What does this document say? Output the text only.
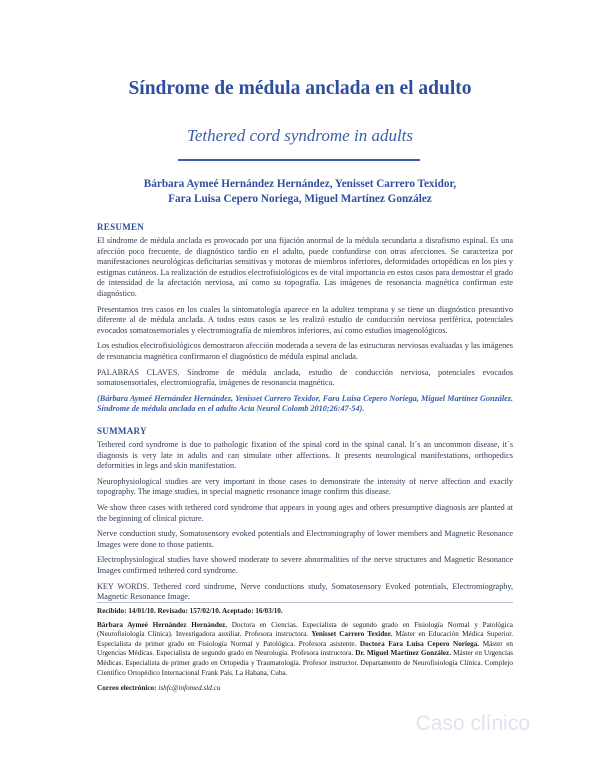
Síndrome de médula anclada en el adulto
Tethered cord syndrome in adults
Bárbara Aymeé Hernández Hernández, Yenisset Carrero Texidor,
Fara Luisa Cepero Noriega, Miguel Martínez González
RESUMEN

El síndrome de médula anclada es provocado por una fijación anormal de la médula secundaria a disrafismo espinal. Es una afección poco frecuente, de diagnóstico tardío en el adulto, puede confundirse con otras afecciones. Se caracteriza por manifestaciones neurológicas deficitarias sensitivas y motoras de miembros inferiores, deformidades ortopédicas en los pies y estigmas cutáneos. La realización de estudios electrofisiológicos es de vital importancia en estos casos para demostrar el grado de intensidad de la afectación nerviosa, así como su topografía. Las imágenes de resonancia magnética confirman este diagnóstico.

Presentamos tres casos en los cuales la sintomatología aparece en la adultez temprana y se tiene un diagnóstico presuntivo diferente al de médula anclada. A todos estos casos se les realizó estudio de conducción nerviosa periférica, potenciales evocados somatosensoriales y electromiografía de miembros inferiores, así como estudios imagenológicos.

Los estudios electrofisiológicos demostraron afección moderada a severa de las estructuras nerviosas evaluadas y las imágenes de resonancia magnética confirmaron el diagnóstico de médula espinal anclada.

PALABRAS CLAVES. Síndrome de médula anclada, estudio de conducción nerviosa, potenciales evocados somatosensoriales, electromiografía, imágenes de resonancia magnética.

(Bárbara Aymeé Hernández Hernández, Yenisset Carrero Texidor, Fara Luisa Cepero Noriega, Miguel Martínez González. Síndrome de médula anclada en el adulto Acta Neurol Colomb 2010;26:47-54).

SUMMARY

Tethered cord syndrome is due to pathologic fixation of the spinal cord in the spinal canal. It´s an uncommon disease, it´s diagnosis is very late in adults and can simulate other affections. It presents neurological manifestations, orthopedics deformities in legs and skin manifestation.

Neurophysiological studies are very important in those cases to demonstrate the intensity of nerve affection and exactly topography. The image studies, in special magnetic resonance image confirm this disease.

We show three cases with tethered cord syndrome that appears in young ages and others presumptive diagnosis are planted at the beginning of clinical picture.

Nerve conduction study, Somatosensory evoked potentials and Electromiography of lower members and Magnetic Resonance Images were done to those patients.

Electrophysiological studies have showed moderate to severe abnormalities of the nerve structures and Magnetic Resonance Images confirmed tethered cord syndrome.

KEY WORDS. Tethered cord sindrome, Nerve conductions study, Somatosensory Evoked potentials, Electromiography, Magnetic Resonance Image.

Recibido: 14/01/10. Revisado: 157/02/10. Aceptado: 16/03/10.

Bárbara Aymeé Hernández Hernández. Doctora en Ciencias. Especialista de segundo grado en Fisiología Normal y Patológica (Neurofisiología Clínica). Investigadora auxiliar. Profesora instructora. Yenisset Carrero Texidor. Máster en Educación Médica Superior. Especialista de primer grado en Fisiología Normal y Patológica. Profesora asistente. Doctora Fara Luisa Cepero Noriega. Máster en Urgencias Médicas. Especialista de segundo grado en Neurología. Profesora instructora. Dr. Miguel Martínez González. Máster en Urgencias Médicas. Especialista de primer grado en Ortopedia y Traumatología. Profesor instructor. Departamento de Neurofisiología Clínica. Complejo Científico Ortopédico Internacional Frank País. La Habana, Cuba.

Correo electrónico: ishfc@infomed.sld.cu

Caso clínico
